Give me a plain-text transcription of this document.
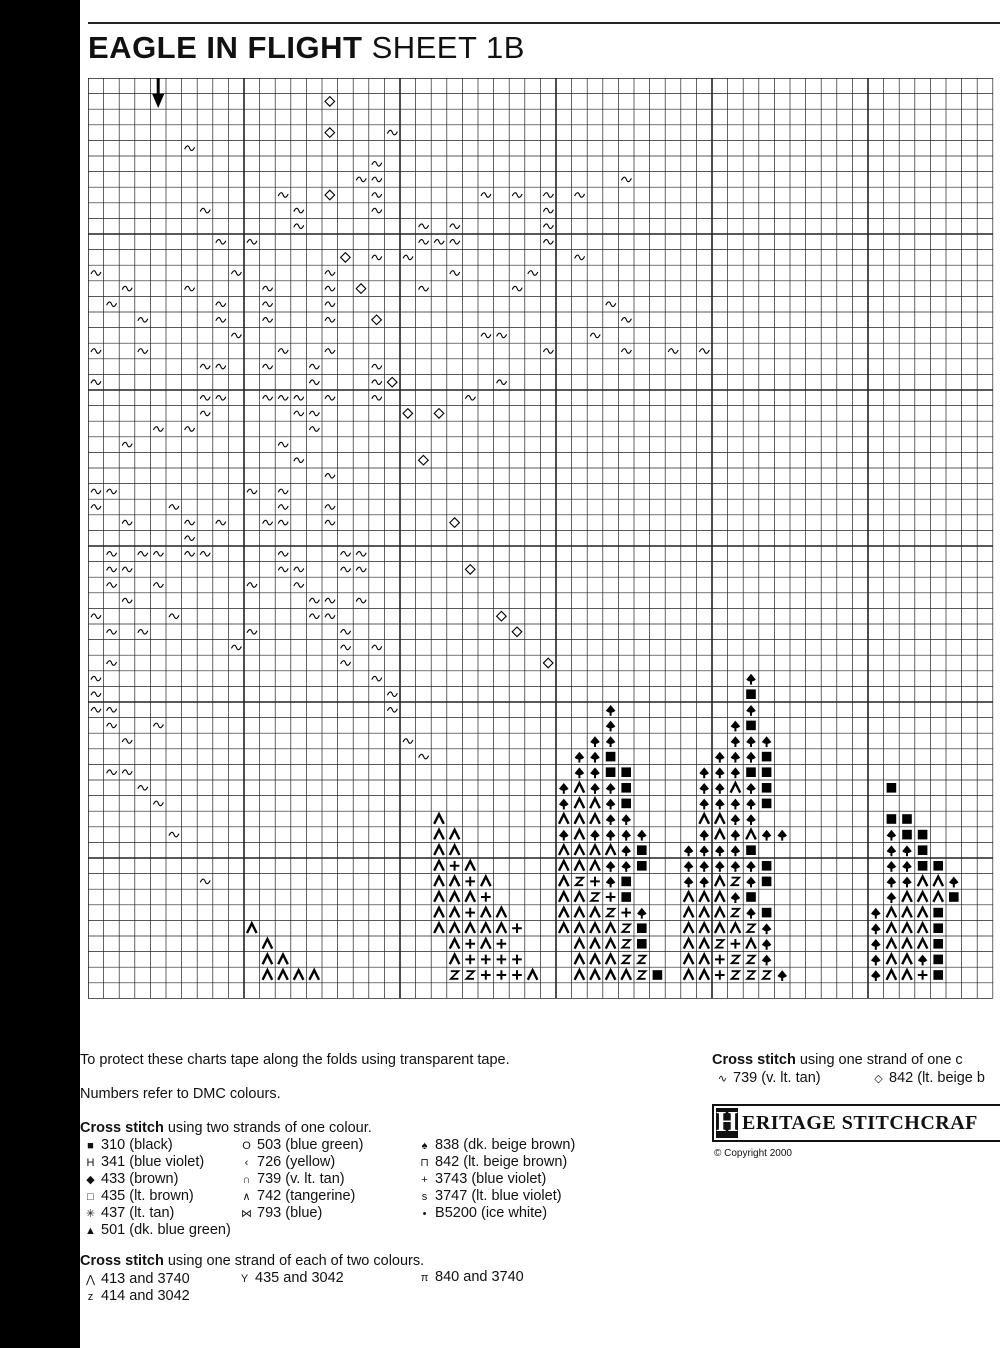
EAGLE IN FLIGHT SHEET 1B
To protect these charts tape along the folds using transparent tape.
Numbers refer to DMC colours.
Cross stitch using two strands of one colour.
■ 310 (black)
H 341 (blue violet)
◆ 433 (brown)
□ 435 (lt. brown)
✳ 437 (lt. tan)
▲ 501 (dk. blue green)
O 503 (blue green)
‹ 726 (yellow)
∩ 739 (v. lt. tan)
∧ 742 (tangerine)
⋈ 793 (blue)
♠ 838 (dk. beige brown)
⊓ 842 (lt. beige brown)
+ 3743 (blue violet)
s 3747 (lt. blue violet)
• B5200 (ice white)
Cross stitch using one strand of each of two colours.
⋀ 413 and 3740	Y 435 and 3042	π 840 and 3740
z 414 and 3042
Cross stitch using one strand of one c
∿ 739 (v. lt. tan)	◇ 842 (lt. beige b
H ERITAGE STITCHCRAF
© Copyright 2000
